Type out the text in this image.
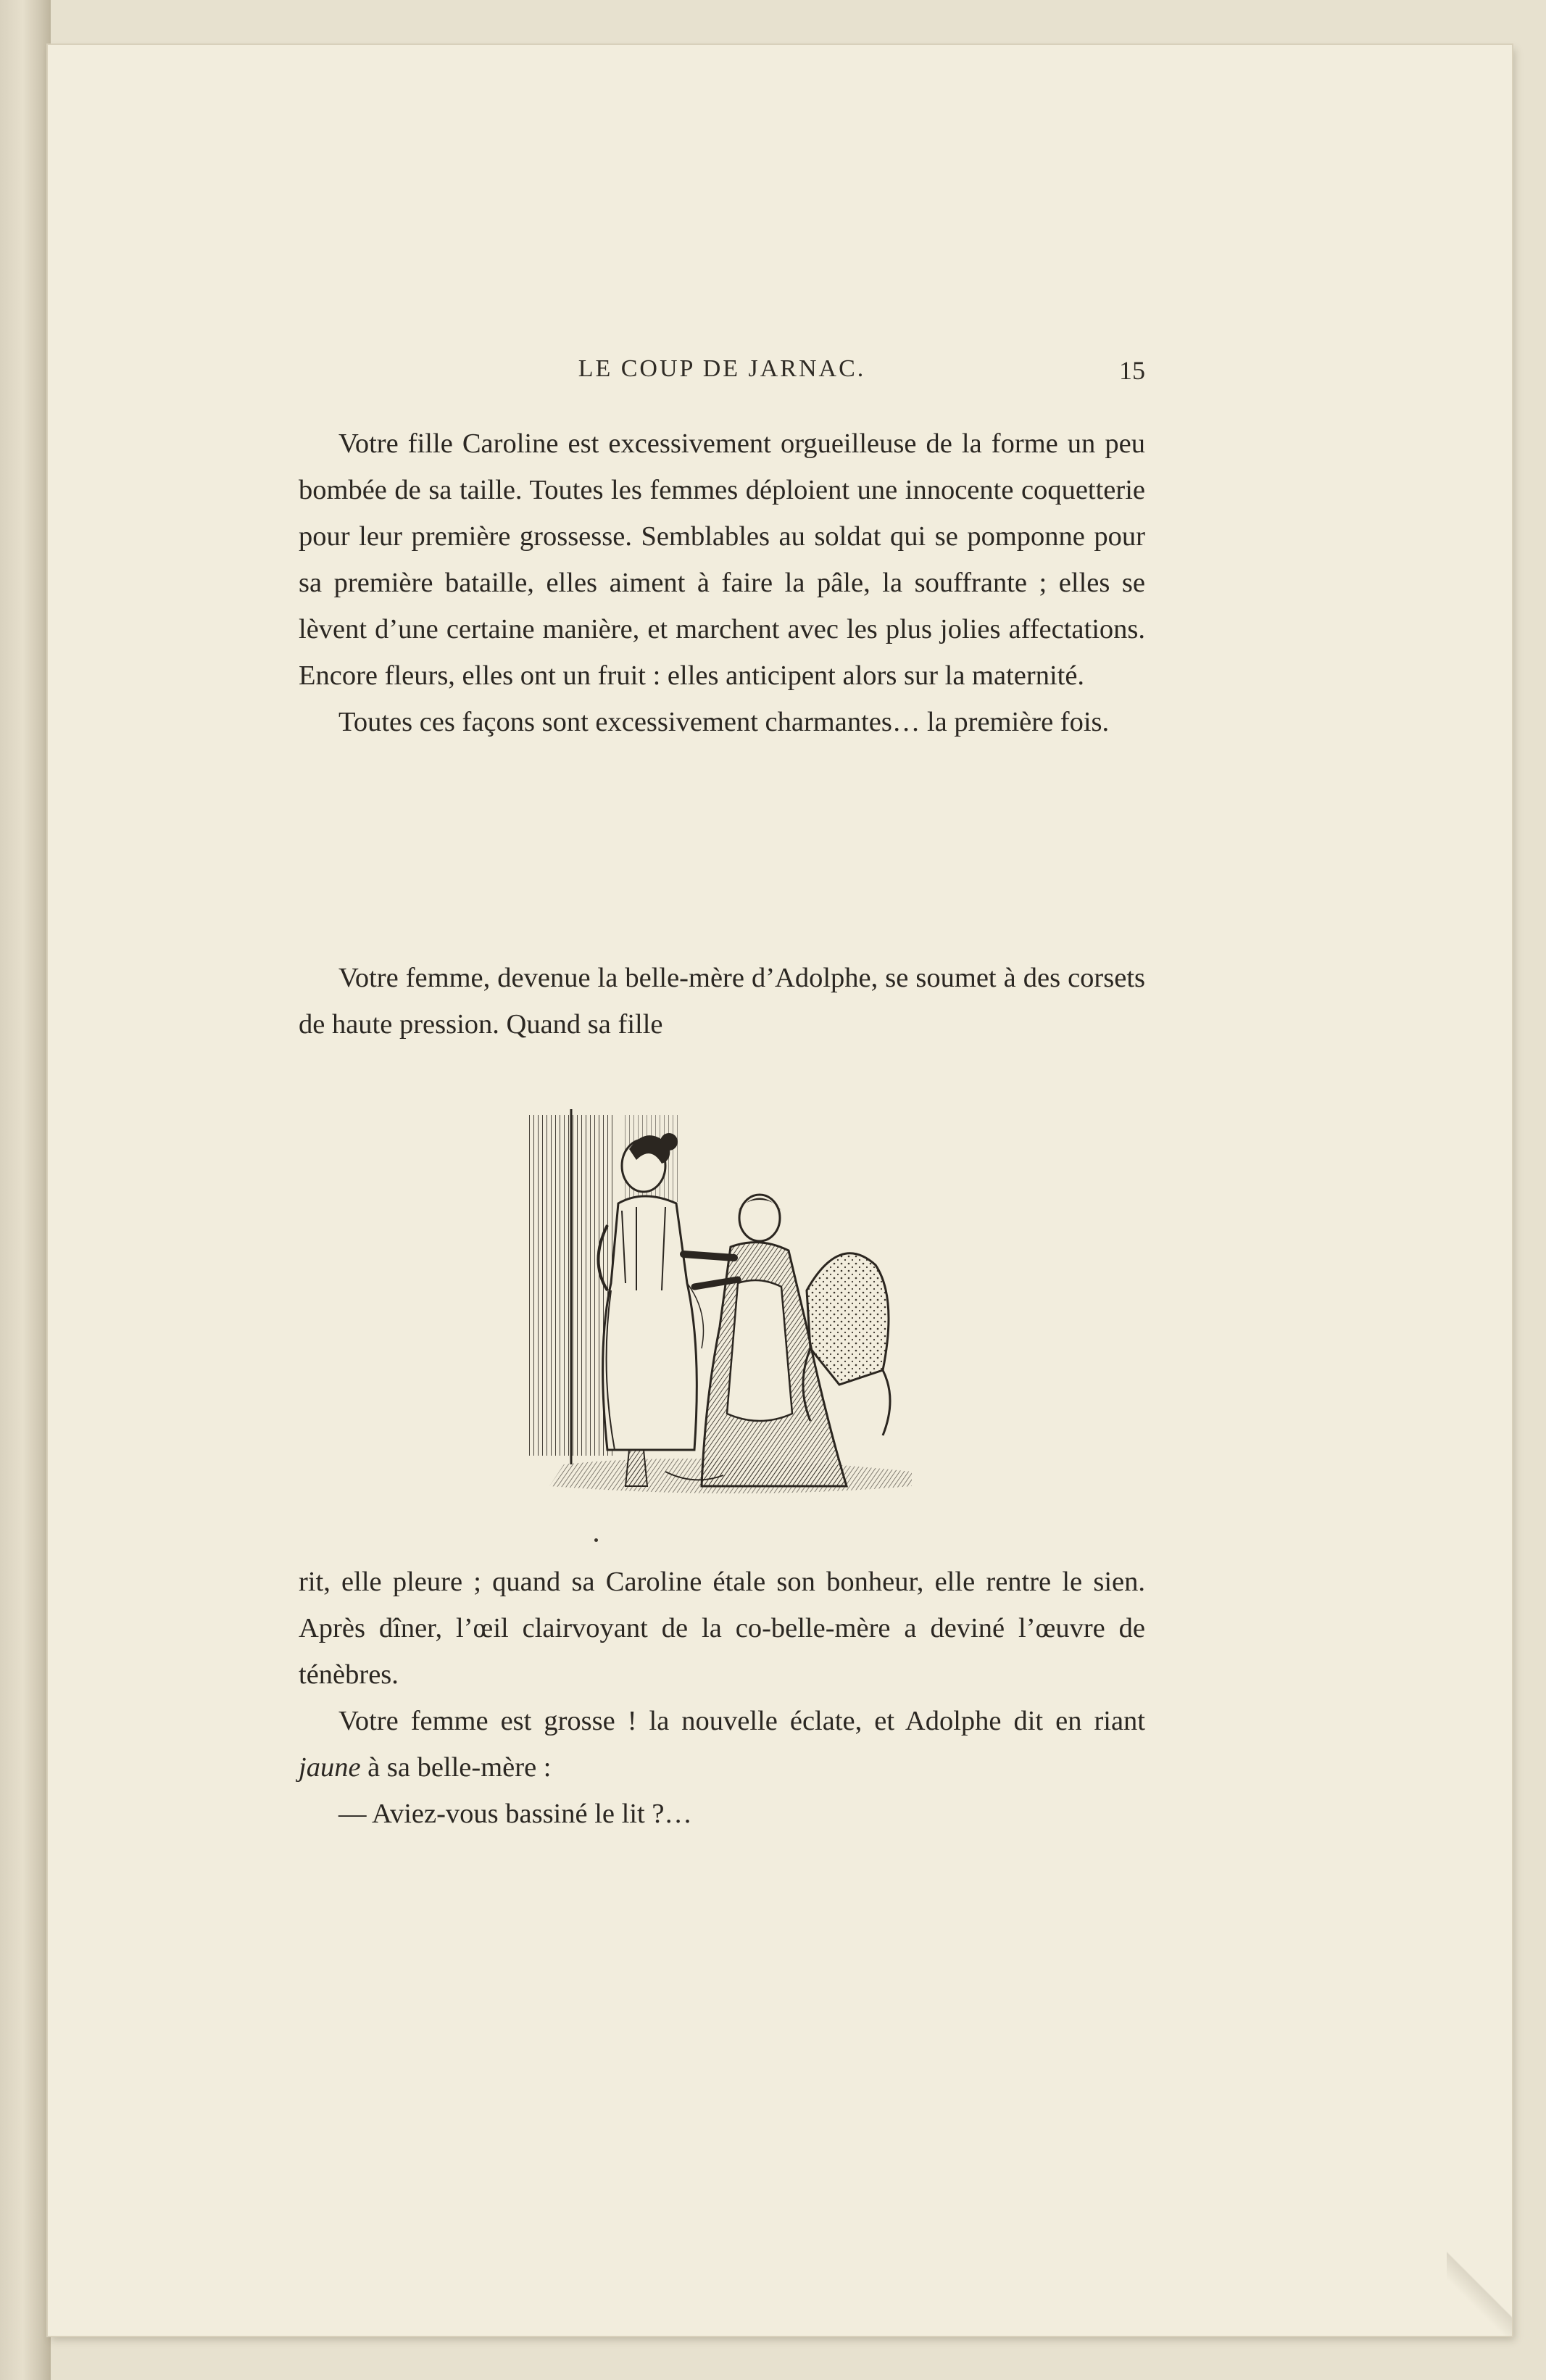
LE COUP DE JARNAC.	15

Votre fille Caroline est excessivement orgueilleuse de la forme un peu bombée de sa taille. Toutes les femmes déploient une innocente coquetterie pour leur première grossesse. Semblables au soldat qui se pomponne pour sa première bataille, elles aiment à faire la pâle, la souffrante ; elles se lèvent d’une certaine manière, et marchent avec les plus jolies affectations. Encore fleurs, elles ont un fruit : elles anticipent alors sur la maternité.

Toutes ces façons sont excessivement charmantes… la première fois.

Votre femme, devenue la belle-mère d’Adolphe, se soumet à des corsets de haute pression. Quand sa fille

rit, elle pleure ; quand sa Caroline étale son bonheur, elle rentre le sien. Après dîner, l’œil clairvoyant de la co-belle-mère a deviné l’œuvre de ténèbres.

Votre femme est grosse ! la nouvelle éclate, et Adolphe dit en riant jaune à sa belle-mère :

— Aviez-vous bassiné le lit ?…
